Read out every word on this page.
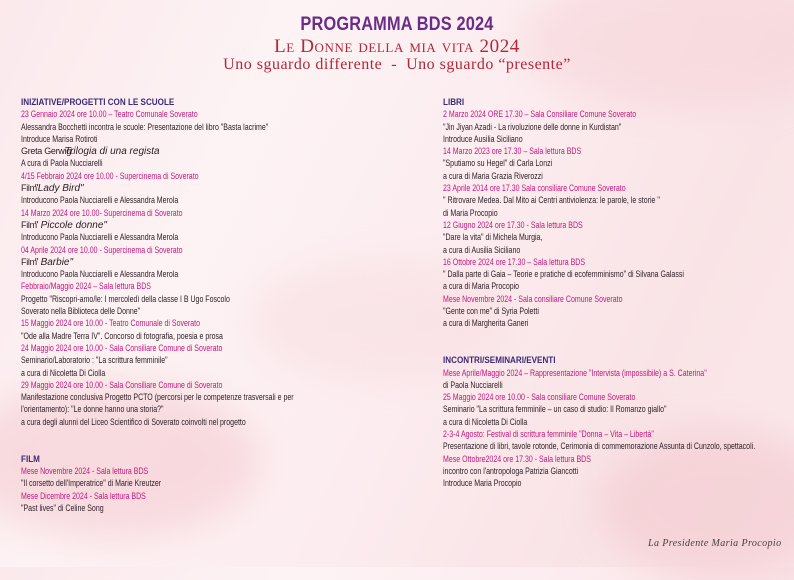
PROGRAMMA BDS 2024
Le Donne della mia vita 2024
Uno sguardo differente  -  Uno sguardo “presente”
INIZIATIVE/PROGETTI CON LE SCUOLE
23 Gennaio 2024 ore 10.00 – Teatro Comunale Soverato
Alessandra Bocchetti incontra le scuole: Presentazione del libro "Basta lacrime"
Introduce Marisa Rotiroti
Greta Gerwig:Trilogia di una regista
A cura di Paola Nucciarelli
4/15 Febbraio 2024 ore 10.00 - Supercinema di Soverato
Film"Lady Bird"
Introducono Paola Nucciarelli e Alessandra Merola
14 Marzo 2024 ore 10.00- Supercinema di Soverato
Film" Piccole donne"
Introducono Paola Nucciarelli e Alessandra Merola
04 Aprile 2024 ore 10.00 - Supercinema di Soverato
Film" Barbie"
Introducono Paola Nucciarelli e Alessandra Merola
Febbraio/Maggio 2024 – Sala lettura BDS
Progetto "Riscopri-amo/le: I mercoledì della classe I B Ugo Foscolo
Soverato nella Biblioteca delle Donne"
15 Maggio 2024 ore 10.00 - Teatro Comunale di Soverato
"Ode alla Madre Terra IV". Concorso di fotografia, poesia e prosa
24 Maggio 2024 ore 10.00 - Sala Consiliare Comune di Soverato
Seminario/Laboratorio : "La scrittura femminile"
a cura di Nicoletta Di Ciolla
29 Maggio 2024 ore 10.00 - Sala Consiliare Comune di Soverato
Manifestazione conclusiva Progetto PCTO (percorsi per le competenze trasversali e per
l'orientamento): "Le donne hanno una storia?"
a cura degli alunni del Liceo Scientifico di Soverato coinvolti nel progetto
FILM
Mese Novembre 2024 - Sala lettura BDS
"Il corsetto dell'Imperatrice" di Marie Kreutzer
Mese Dicembre 2024 - Sala lettura BDS
"Past lives" di Celine Song
LIBRI
2 Marzo 2024 ORE 17.30 – Sala Consiliare Comune Soverato
"Jin Jiyan Azadi - La rivoluzione delle donne in Kurdistan"
Introduce Ausilia Siciliano
14 Marzo 2023 ore 17.30 – Sala lettura BDS
"Sputiamo su Hegel" di Carla Lonzi
a cura di Maria Grazia Riverozzi
23 Aprile 2014 ore 17.30 Sala consiliare Comune Soverato
" Ritrovare Medea. Dal Mito ai Centri antiviolenza: le parole, le storie "
di Maria Procopio
12 Giugno 2024 ore 17.30 - Sala lettura BDS
"Dare la vita" di Michela Murgia,
a cura di Ausilia Siciliano
16 Ottobre 2024 ore 17.30 – Sala lettura BDS
" Dalla parte di Gaia – Teorie e pratiche di ecofemminismo" di Silvana Galassi
a cura di Maria Procopio
Mese Novembre 2024 - Sala consiliare Comune Soverato
"Gente con me" di Syria Poletti
a cura di Margherita Ganeri
INCONTRI/SEMINARI/EVENTI
Mese Aprile/Maggio 2024 – Rappresentazione "Intervista (impossibile) a S. Caterina"
di Paola Nucciarelli
25 Maggio 2024 ore 10.00 - Sala consiliare Comune Soverato
Seminario "La scrittura femminile – un caso di studio: Il Romanzo giallo"
a cura di Nicoletta Di Ciolla
2-3-4 Agosto: Festival di scrittura femminile "Donna – Vita – Libertà"
Presentazione di libri, tavole rotonde, Cerimonia di commemorazione Assunta di Cunzolo, spettacoli.
Mese Ottobre2024 ore 17.30 - Sala lettura BDS
incontro con l'antropologa Patrizia Giancotti
Introduce Maria Procopio
La Presidente Maria Procopio
